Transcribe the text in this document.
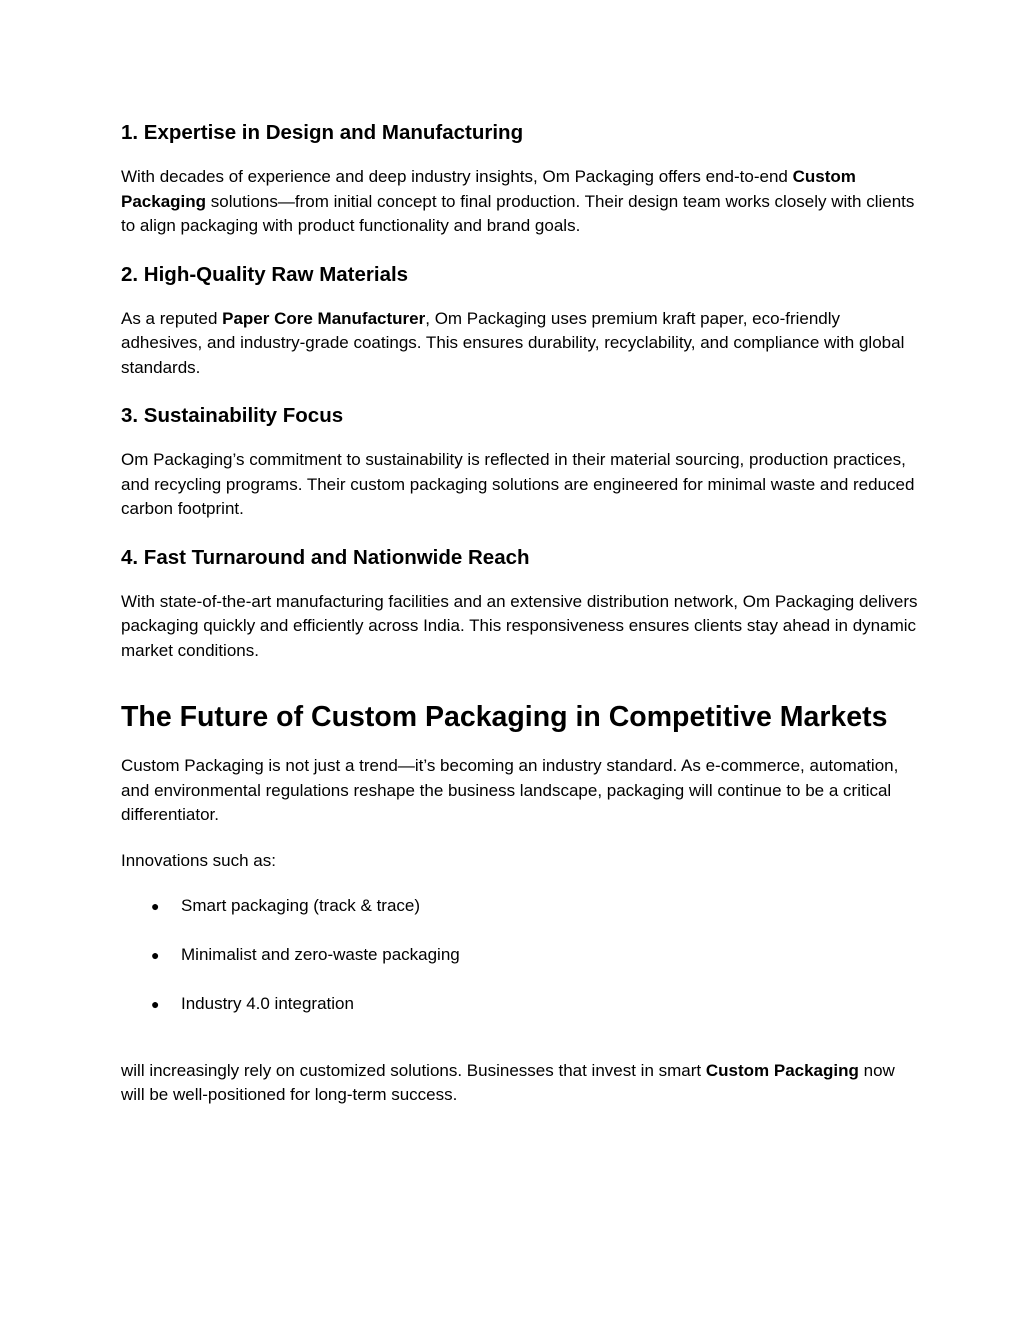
1. Expertise in Design and Manufacturing

With decades of experience and deep industry insights, Om Packaging offers end-to-end Custom Packaging solutions—from initial concept to final production. Their design team works closely with clients to align packaging with product functionality and brand goals.

2. High-Quality Raw Materials

As a reputed Paper Core Manufacturer, Om Packaging uses premium kraft paper, eco-friendly adhesives, and industry-grade coatings. This ensures durability, recyclability, and compliance with global standards.

3. Sustainability Focus

Om Packaging’s commitment to sustainability is reflected in their material sourcing, production practices, and recycling programs. Their custom packaging solutions are engineered for minimal waste and reduced carbon footprint.

4. Fast Turnaround and Nationwide Reach

With state-of-the-art manufacturing facilities and an extensive distribution network, Om Packaging delivers packaging quickly and efficiently across India. This responsiveness ensures clients stay ahead in dynamic market conditions.

The Future of Custom Packaging in Competitive Markets

Custom Packaging is not just a trend—it’s becoming an industry standard. As e-commerce, automation, and environmental regulations reshape the business landscape, packaging will continue to be a critical differentiator.

Innovations such as:

● Smart packaging (track & trace)
● Minimalist and zero-waste packaging
● Industry 4.0 integration

will increasingly rely on customized solutions. Businesses that invest in smart Custom Packaging now will be well-positioned for long-term success.
